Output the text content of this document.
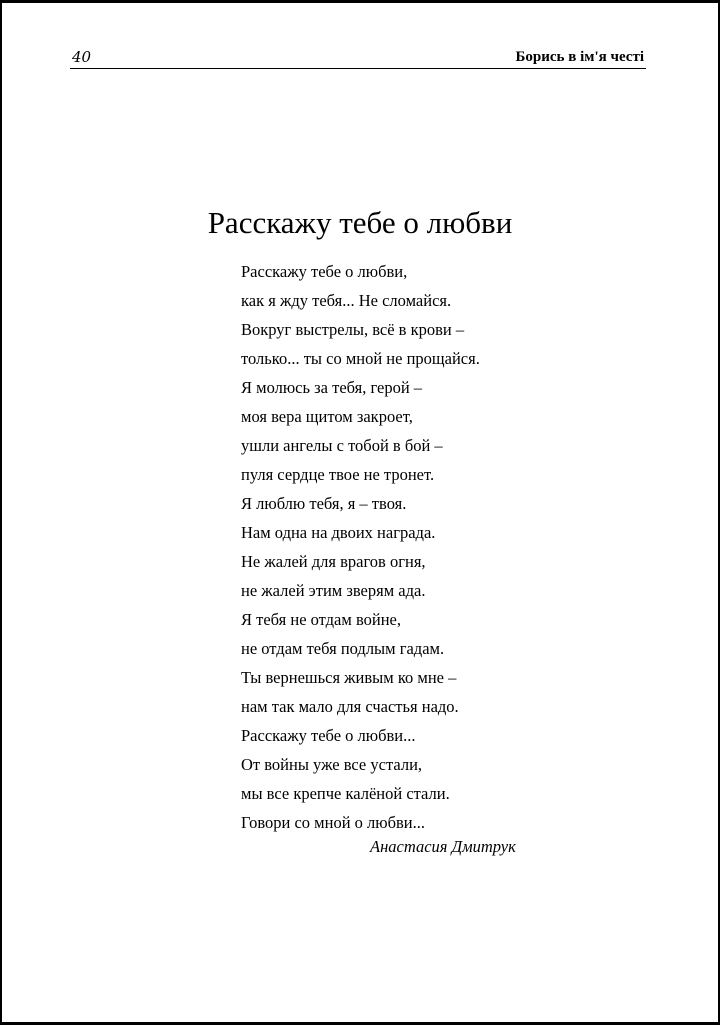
40	Борись в ім'я честі
Расскажу тебе о любви
Расскажу тебе о любви,
как я жду тебя... Не сломайся.
Вокруг выстрелы, всё в крови –
только... ты со мной не прощайся.
Я молюсь за тебя, герой –
моя вера щитом закроет,
ушли ангелы с тобой в бой –
пуля сердце твое не тронет.
Я люблю тебя, я – твоя.
Нам одна на двоих награда.
Не жалей для врагов огня,
не жалей этим зверям ада.
Я тебя не отдам войне,
не отдам тебя подлым гадам.
Ты вернешься живым ко мне –
нам так мало для счастья надо.
Расскажу тебе о любви...
От войны уже все устали,
мы все крепче калёной стали.
Говори со мной о любви...
Анастасия Дмитрук
